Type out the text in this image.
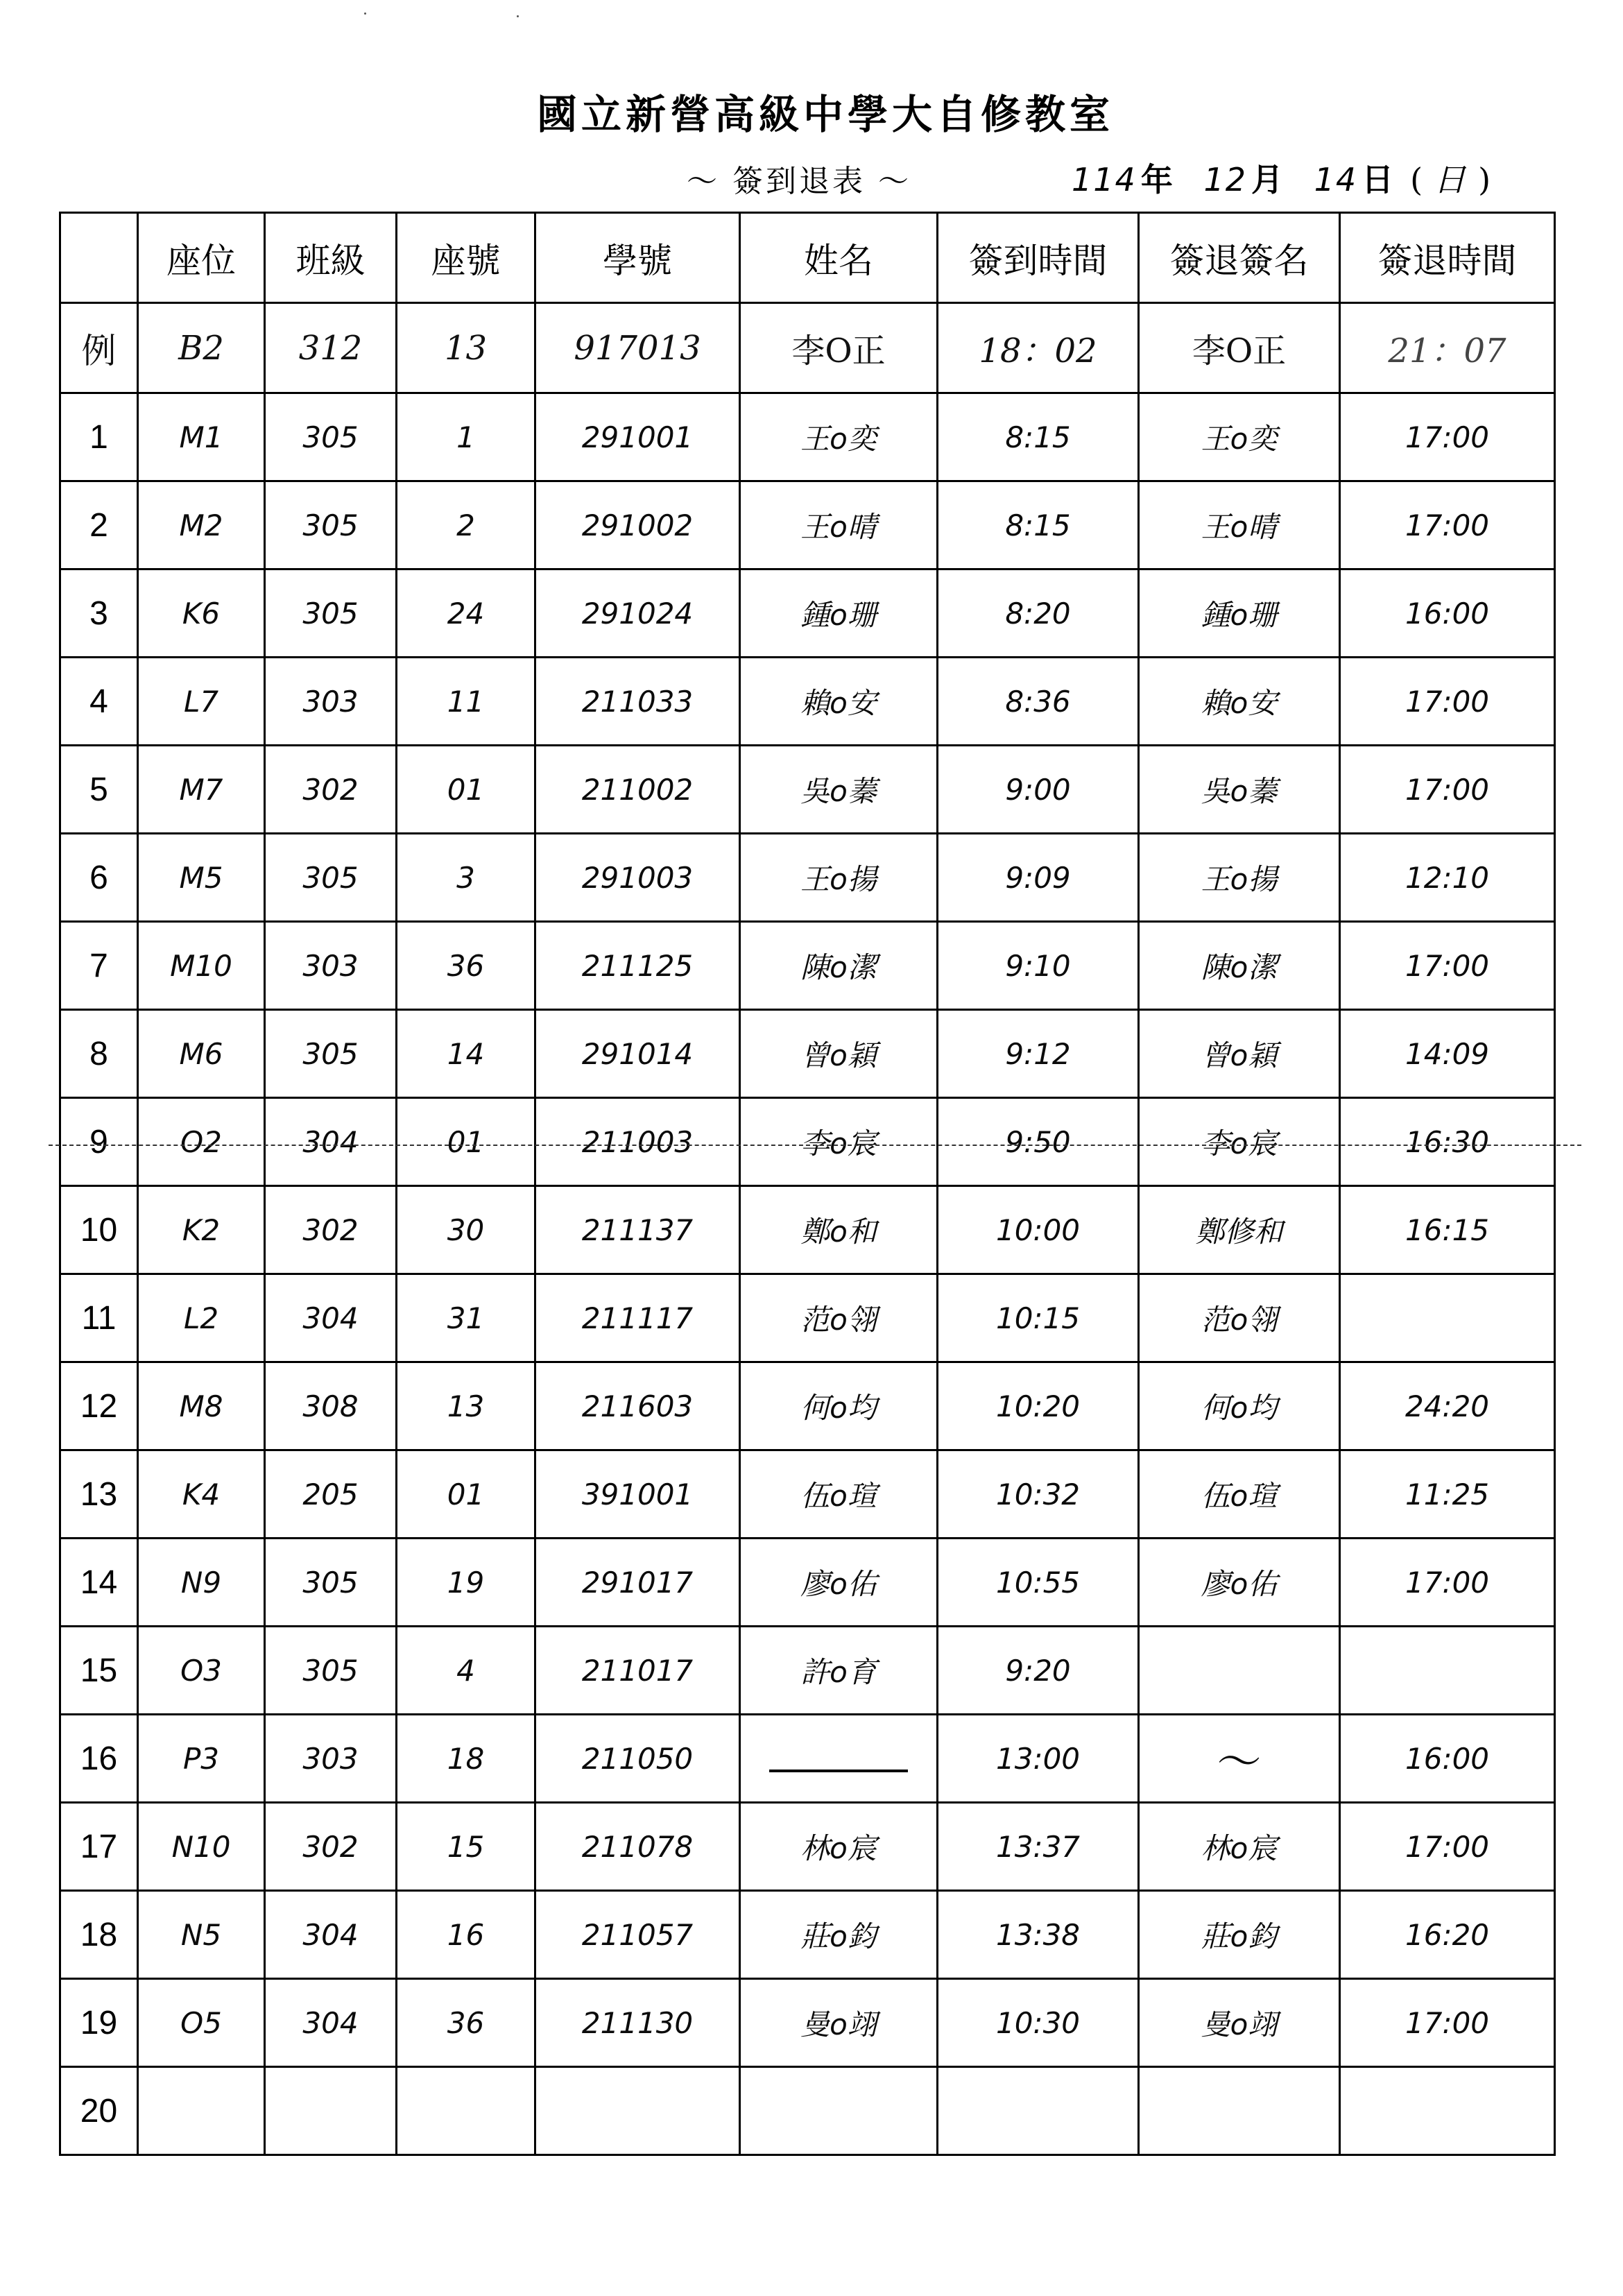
國立新營高級中學大自修教室
～ 簽到退表 ～	114 年 12 月 14 日 ( 日 )
	座位	班級	座號	學號	姓名	簽到時間	簽退簽名	簽退時間
例	B2	312	13	917013	李O正	18：02	李O正	21：07
1	M1	305	1	291001	王o奕	8:15	王o奕	17:00
2	M2	305	2	291002	王o晴	8:15	王o晴	17:00
3	K6	305	24	291024	鍾o珊	8:20	鍾o珊	16:00
4	L7	303	11	211033	賴o安	8:36	賴o安	17:00
5	M7	302	01	211002	吳o蓁	9:00	吳o蓁	17:00
6	M5	305	3	291003	王o揚	9:09	王o揚	12:10
7	M10	303	36	211125	陳o潔	9:10	陳o潔	17:00
8	M6	305	14	291014	曾o穎	9:12	曾o穎	14:09
9	O2	304	01	211003	李o宸	9:50	李o宸	16:30
10	K2	302	30	211137	鄭o和	10:00	鄭修和	16:15
11	L2	304	31	211117	范o翎	10:15	范o翎	
12	M8	308	13	211603	何o均	10:20	何o均	24:20
13	K4	205	01	391001	伍o瑄	10:32	伍o瑄	11:25
14	N9	305	19	291017	廖o佑	10:55	廖o佑	17:00
15	O3	305	4	211017	許o育	9:20		
16	P3	303	18	211050		13:00	～	16:00
17	N10	302	15	211078	林o宸	13:37	林o宸	17:00
18	N5	304	16	211057	莊o鈞	13:38	莊o鈞	16:20
19	O5	304	36	211130	曼o翊	10:30	曼o翊	17:00
20								
